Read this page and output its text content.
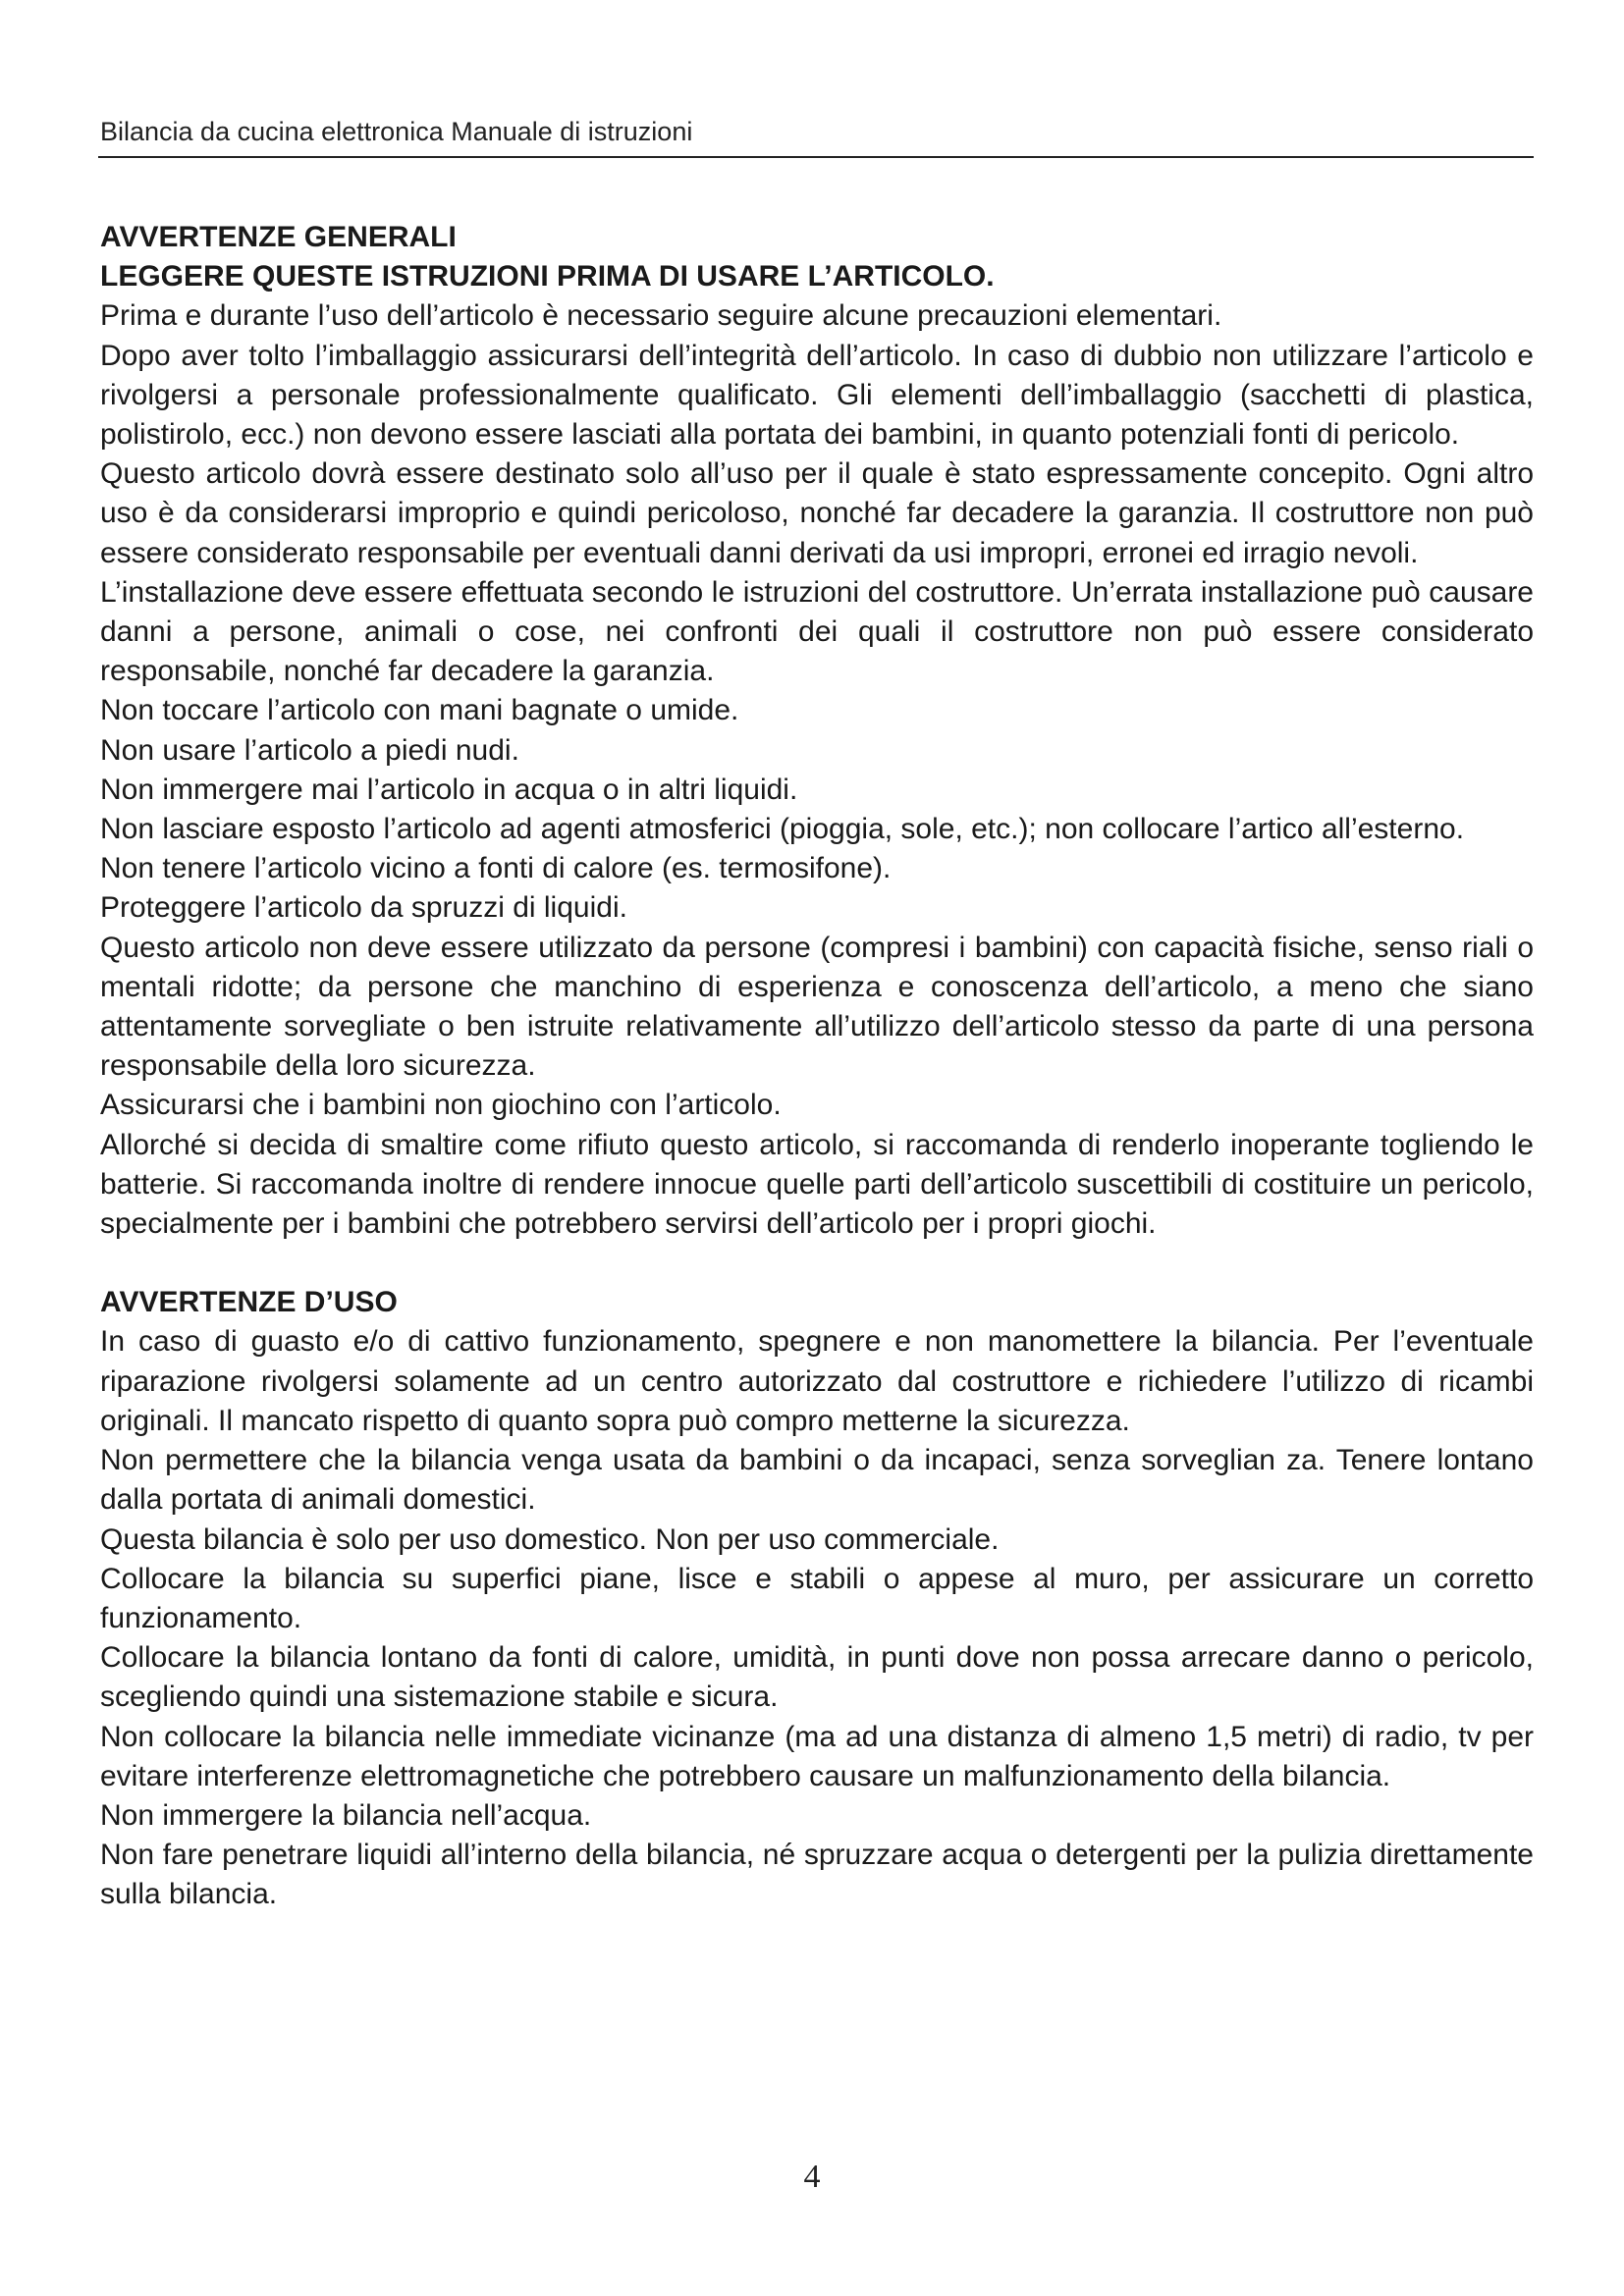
Bilancia da cucina elettronica Manuale di istruzioni
AVVERTENZE GENERALI
LEGGERE QUESTE ISTRUZIONI PRIMA DI USARE L’ARTICOLO.

Prima e durante l’uso dell’articolo è necessario seguire alcune precauzioni elementari.

Dopo aver tolto l’imballaggio assicurarsi dell’integrità dell’articolo. In caso di dubbio non utilizzare l’articolo e rivolgersi a personale professionalmente qualificato. Gli elementi dell’imballaggio (sacchetti di plastica, polistirolo, ecc.) non devono essere lasciati alla portata dei bambini, in quanto potenziali fonti di pericolo.

Questo articolo dovrà essere destinato solo all’uso per il quale è stato espressamente concepito. Ogni altro uso è da considerarsi improprio e quindi pericoloso, nonché far decadere la garanzia. Il costruttore non può essere considerato responsabile per eventuali danni derivati da usi impropri, erronei ed irragio nevoli.

L’installazione deve essere effettuata secondo le istruzioni del costruttore. Un’errata installazione può causare danni a persone, animali o cose, nei confronti dei quali il costruttore non può essere considerato responsabile, nonché far decadere la garanzia.

Non toccare l’articolo con mani bagnate o umide.

Non usare l’articolo a piedi nudi.

Non immergere mai l’articolo in acqua o in altri liquidi.

Non lasciare esposto l’articolo ad agenti atmosferici (pioggia, sole, etc.); non collocare l’artico all’esterno.

Non tenere l’articolo vicino a fonti di calore (es. termosifone).

Proteggere l’articolo da spruzzi di liquidi.

Questo articolo non deve essere utilizzato da persone (compresi i bambini) con capacità fisiche, senso riali o mentali ridotte; da persone che manchino di esperienza e conoscenza dell’articolo, a meno che siano attentamente sorvegliate o ben istruite relativamente all’utilizzo dell’articolo stesso da parte di una persona responsabile della loro sicurezza.

Assicurarsi che i bambini non giochino con l’articolo.

Allorché si decida di smaltire come rifiuto questo articolo, si raccomanda di renderlo inoperante togliendo le batterie. Si raccomanda inoltre di rendere innocue quelle parti dell’articolo suscettibili di costituire un pericolo, specialmente per i bambini che potrebbero servirsi dell’articolo per i propri giochi.

AVVERTENZE D’USO

In caso di guasto e/o di cattivo funzionamento, spegnere e non manomettere la bilancia. Per l’eventuale riparazione rivolgersi solamente ad un centro autorizzato dal costruttore e richiedere l’utilizzo di ricambi originali. Il mancato rispetto di quanto sopra può compro metterne la sicurezza.

Non permettere che la bilancia venga usata da bambini o da incapaci, senza sorveglian za. Tenere lontano dalla portata di animali domestici.

Questa bilancia è solo per uso domestico. Non per uso commerciale.

Collocare la bilancia su superfici piane, lisce e stabili o appese al muro, per assicurare un corretto funzionamento.

Collocare la bilancia lontano da fonti di calore, umidità, in punti dove non possa arrecare danno o pericolo, scegliendo quindi una sistemazione stabile e sicura.

Non collocare la bilancia nelle immediate vicinanze (ma ad una distanza di almeno 1,5 metri) di radio, tv per evitare interferenze elettromagnetiche che potrebbero causare un malfunzionamento della bilancia.

Non immergere la bilancia nell’acqua.

Non fare penetrare liquidi all’interno della bilancia, né spruzzare acqua o detergenti per la pulizia direttamente sulla bilancia.

4
